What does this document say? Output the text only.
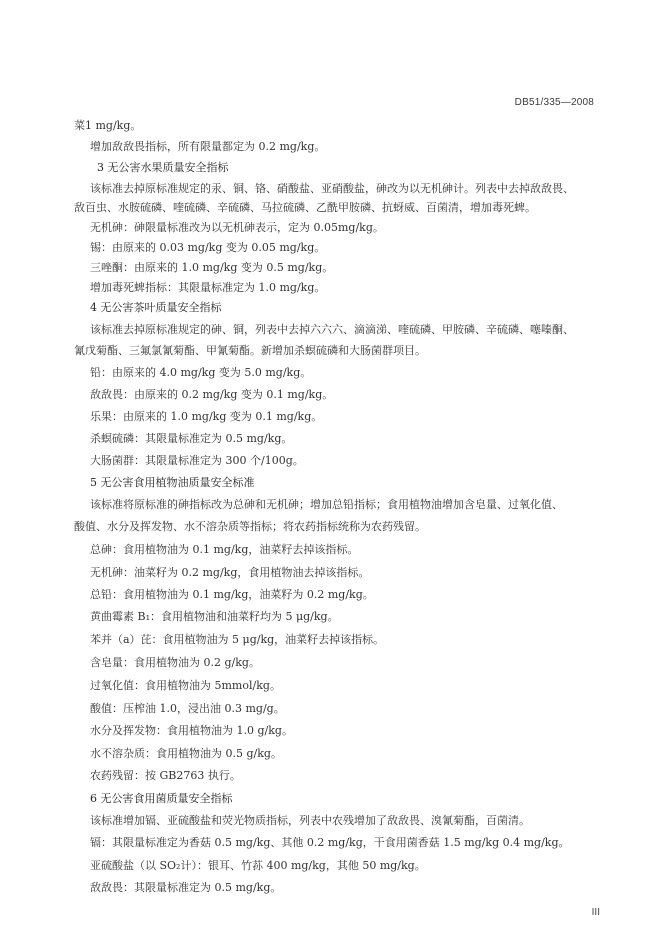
DB51/335—2008
菜1 mg/kg。
增加敌敌畏指标，所有限量都定为 0.2 mg/kg。
3 无公害水果质量安全指标
该标准去掉原标准规定的汞、铜、铬、硝酸盐、亚硝酸盐，砷改为以无机砷计。列表中去掉敌敌畏、
敌百虫、水胺硫磷、喹硫磷、辛硫磷、马拉硫磷、乙酰甲胺磷、抗蚜威、百菌清，增加毒死蜱。
无机砷：砷限量标准改为以无机砷表示，定为 0.05mg/kg。
锡：由原来的 0.03 mg/kg 变为 0.05 mg/kg。
三唑酮：由原来的 1.0 mg/kg 变为 0.5 mg/kg。
增加毒死蜱指标：其限量标准定为 1.0 mg/kg。
4 无公害茶叶质量安全指标
该标准去掉原标准规定的砷、铜，列表中去掉六六六、滴滴涕、喹硫磷、甲胺磷、辛硫磷、噻嗪酮、
氰戊菊酯、三氟氯氰菊酯、甲氰菊酯。新增加杀螟硫磷和大肠菌群项目。
铅：由原来的 4.0 mg/kg 变为 5.0 mg/kg。
敌敌畏：由原来的 0.2 mg/kg 变为 0.1 mg/kg。
乐果：由原来的 1.0 mg/kg 变为 0.1 mg/kg。
杀螟硫磷：其限量标准定为 0.5 mg/kg。
大肠菌群：其限量标准定为 300 个/100g。
5 无公害食用植物油质量安全标准
该标准将原标准的砷指标改为总砷和无机砷；增加总铅指标；食用植物油增加含皂量、过氧化值、
酸值、水分及挥发物、水不溶杂质等指标；将农药指标统称为农药残留。
总砷：食用植物油为 0.1 mg/kg，油菜籽去掉该指标。
无机砷：油菜籽为 0.2 mg/kg，食用植物油去掉该指标。
总铅：食用植物油为 0.1 mg/kg，油菜籽为 0.2 mg/kg。
黄曲霉素 B₁：食用植物油和油菜籽均为 5 μg/kg。
苯并（a）芘：食用植物油为 5 μg/kg，油菜籽去掉该指标。
含皂量：食用植物油为 0.2 g/kg。
过氧化值：食用植物油为 5mmol/kg。
酸值：压榨油 1.0，浸出油 0.3 mg/g。
水分及挥发物：食用植物油为 1.0 g/kg。
水不溶杂质：食用植物油为 0.5 g/kg。
农药残留：按 GB2763 执行。
6 无公害食用菌质量安全指标
该标准增加镉、亚硫酸盐和荧光物质指标，列表中农残增加了敌敌畏、溴氰菊酯，百菌清。
镉：其限量标准定为香菇 0.5 mg/kg、其他 0.2 mg/kg，干食用菌香菇 1.5 mg/kg 0.4 mg/kg。
亚硫酸盐（以 SO₂计）：银耳、竹荪 400 mg/kg，其他 50 mg/kg。
敌敌畏：其限量标准定为 0.5 mg/kg。
III
